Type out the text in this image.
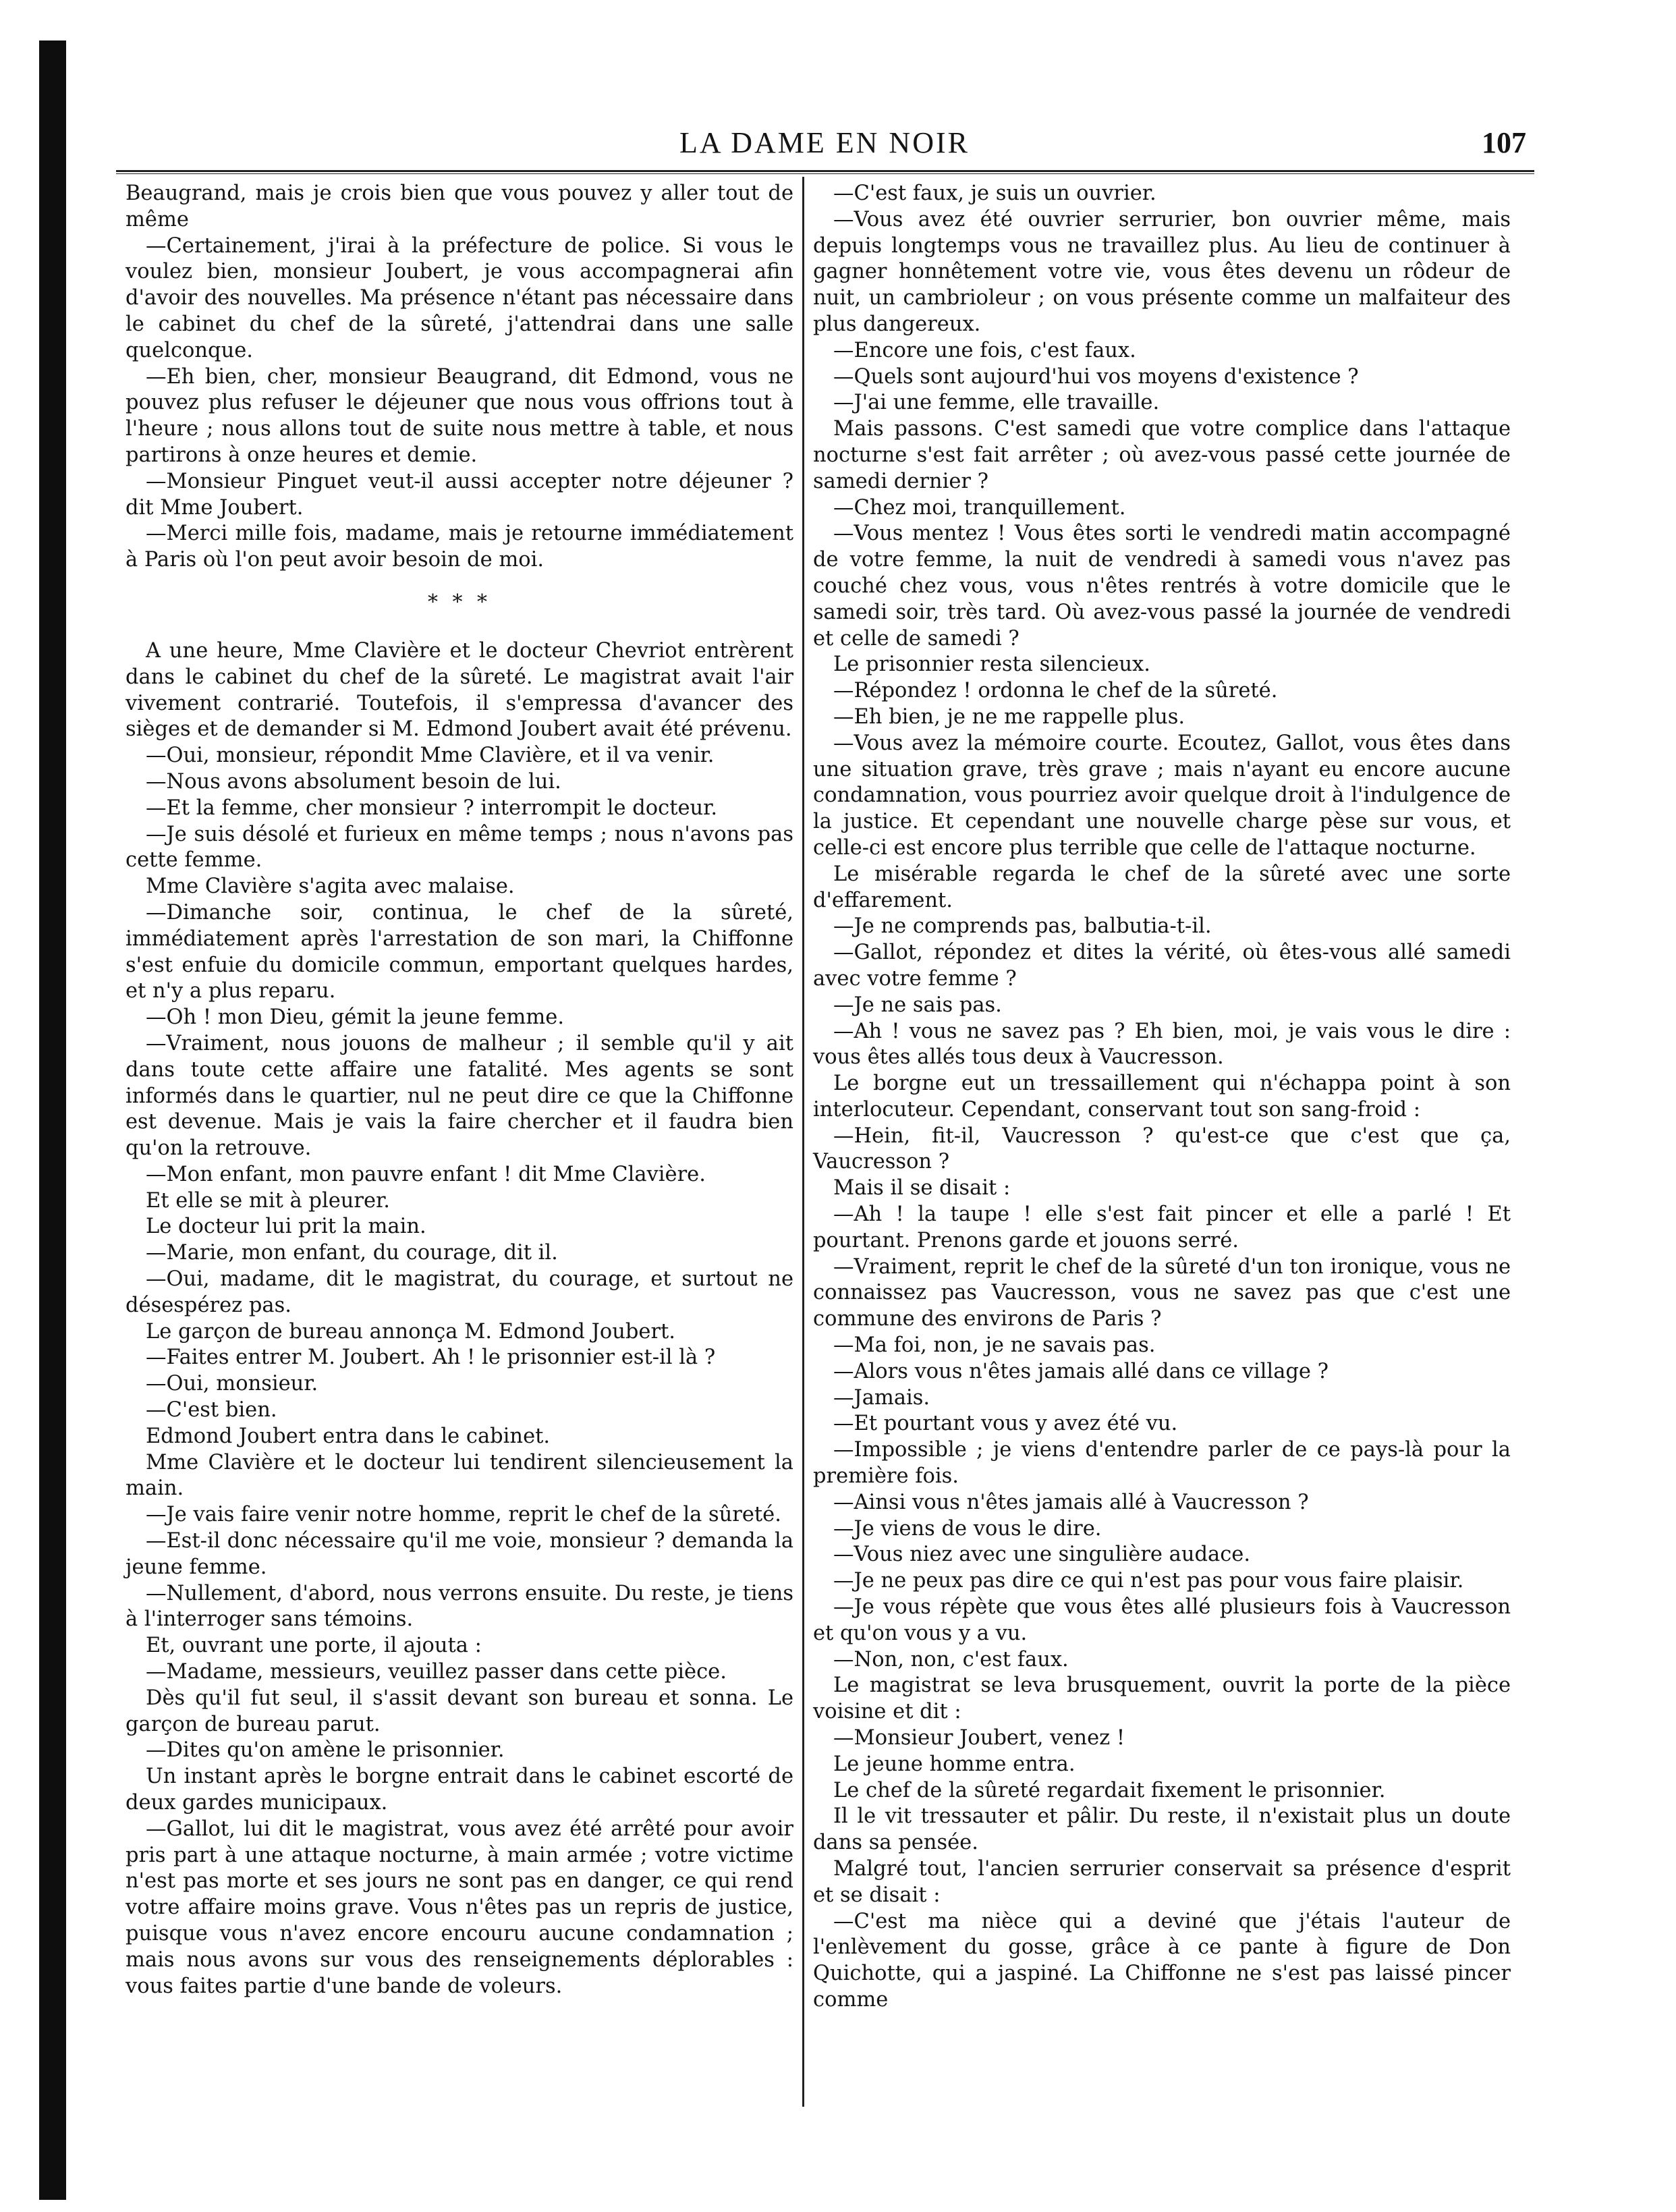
LA DAME EN NOIR	107

Beaugrand, mais je crois bien que vous pouvez y aller tout de même

—Certainement, j'irai à la préfecture de police. Si vous le voulez bien, monsieur Joubert, je vous accompagnerai afin d'avoir des nouvelles. Ma présence n'étant pas nécessaire dans le cabinet du chef de la sûreté, j'attendrai dans une salle quelconque.

—Eh bien, cher, monsieur Beaugrand, dit Edmond, vous ne pouvez plus refuser le déjeuner que nous vous offrions tout à l'heure ; nous allons tout de suite nous mettre à table, et nous partirons à onze heures et demie.

—Monsieur Pinguet veut-il aussi accepter notre déjeuner ? dit Mme Joubert.

—Merci mille fois, madame, mais je retourne immédiatement à Paris où l'on peut avoir besoin de moi.

* * *

A une heure, Mme Clavière et le docteur Chevriot entrèrent dans le cabinet du chef de la sûreté. Le magistrat avait l'air vivement contrarié. Toutefois, il s'empressa d'avancer des sièges et de demander si M. Edmond Joubert avait été prévenu.

—Oui, monsieur, répondit Mme Clavière, et il va venir.

—Nous avons absolument besoin de lui.

—Et la femme, cher monsieur ? interrompit le docteur.

—Je suis désolé et furieux en même temps ; nous n'avons pas cette femme.

Mme Clavière s'agita avec malaise.

—Dimanche soir, continua, le chef de la sûreté, immédiatement après l'arrestation de son mari, la Chiffonne s'est enfuie du domicile commun, emportant quelques hardes, et n'y a plus reparu.

—Oh ! mon Dieu, gémit la jeune femme.

—Vraiment, nous jouons de malheur ; il semble qu'il y ait dans toute cette affaire une fatalité. Mes agents se sont informés dans le quartier, nul ne peut dire ce que la Chiffonne est devenue. Mais je vais la faire chercher et il faudra bien qu'on la retrouve.

—Mon enfant, mon pauvre enfant ! dit Mme Clavière.

Et elle se mit à pleurer.

Le docteur lui prit la main.

—Marie, mon enfant, du courage, dit il.

—Oui, madame, dit le magistrat, du courage, et surtout ne désespérez pas.

Le garçon de bureau annonça M. Edmond Joubert.

—Faites entrer M. Joubert. Ah ! le prisonnier est-il là ?

—Oui, monsieur.

—C'est bien.

Edmond Joubert entra dans le cabinet.

Mme Clavière et le docteur lui tendirent silencieusement la main.

—Je vais faire venir notre homme, reprit le chef de la sûreté.

—Est-il donc nécessaire qu'il me voie, monsieur ? demanda la jeune femme.

—Nullement, d'abord, nous verrons ensuite. Du reste, je tiens à l'interroger sans témoins.

Et, ouvrant une porte, il ajouta :

—Madame, messieurs, veuillez passer dans cette pièce.

Dès qu'il fut seul, il s'assit devant son bureau et sonna. Le garçon de bureau parut.

—Dites qu'on amène le prisonnier.

Un instant après le borgne entrait dans le cabinet escorté de deux gardes municipaux.

—Gallot, lui dit le magistrat, vous avez été arrêté pour avoir pris part à une attaque nocturne, à main armée ; votre victime n'est pas morte et ses jours ne sont pas en danger, ce qui rend votre affaire moins grave. Vous n'êtes pas un repris de justice, puisque vous n'avez encore encouru aucune condamnation ; mais nous avons sur vous des renseignements déplorables : vous faites partie d'une bande de voleurs.

—C'est faux, je suis un ouvrier.

—Vous avez été ouvrier serrurier, bon ouvrier même, mais depuis longtemps vous ne travaillez plus. Au lieu de continuer à gagner honnêtement votre vie, vous êtes devenu un rôdeur de nuit, un cambrioleur ; on vous présente comme un malfaiteur des plus dangereux.

—Encore une fois, c'est faux.

—Quels sont aujourd'hui vos moyens d'existence ?

—J'ai une femme, elle travaille.

Mais passons. C'est samedi que votre complice dans l'attaque nocturne s'est fait arrêter ; où avez-vous passé cette journée de samedi dernier ?

—Chez moi, tranquillement.

—Vous mentez ! Vous êtes sorti le vendredi matin accompagné de votre femme, la nuit de vendredi à samedi vous n'avez pas couché chez vous, vous n'êtes rentrés à votre domicile que le samedi soir, très tard. Où avez-vous passé la journée de vendredi et celle de samedi ?

Le prisonnier resta silencieux.

—Répondez ! ordonna le chef de la sûreté.

—Eh bien, je ne me rappelle plus.

—Vous avez la mémoire courte. Ecoutez, Gallot, vous êtes dans une situation grave, très grave ; mais n'ayant eu encore aucune condamnation, vous pourriez avoir quelque droit à l'indulgence de la justice. Et cependant une nouvelle charge pèse sur vous, et celle-ci est encore plus terrible que celle de l'attaque nocturne.

Le misérable regarda le chef de la sûreté avec une sorte d'effarement.

—Je ne comprends pas, balbutia-t-il.

—Gallot, répondez et dites la vérité, où êtes-vous allé samedi avec votre femme ?

—Je ne sais pas.

—Ah ! vous ne savez pas ? Eh bien, moi, je vais vous le dire : vous êtes allés tous deux à Vaucresson.

Le borgne eut un tressaillement qui n'échappa point à son interlocuteur. Cependant, conservant tout son sang-froid :

—Hein, fit-il, Vaucresson ? qu'est-ce que c'est que ça, Vaucresson ?

Mais il se disait :

—Ah ! la taupe ! elle s'est fait pincer et elle a parlé ! Et pourtant. Prenons garde et jouons serré.

—Vraiment, reprit le chef de la sûreté d'un ton ironique, vous ne connaissez pas Vaucresson, vous ne savez pas que c'est une commune des environs de Paris ?

—Ma foi, non, je ne savais pas.

—Alors vous n'êtes jamais allé dans ce village ?

—Jamais.

—Et pourtant vous y avez été vu.

—Impossible ; je viens d'entendre parler de ce pays-là pour la première fois.

—Ainsi vous n'êtes jamais allé à Vaucresson ?

—Je viens de vous le dire.

—Vous niez avec une singulière audace.

—Je ne peux pas dire ce qui n'est pas pour vous faire plaisir.

—Je vous répète que vous êtes allé plusieurs fois à Vaucresson et qu'on vous y a vu.

—Non, non, c'est faux.

Le magistrat se leva brusquement, ouvrit la porte de la pièce voisine et dit :

—Monsieur Joubert, venez !

Le jeune homme entra.

Le chef de la sûreté regardait fixement le prisonnier.

Il le vit tressauter et pâlir. Du reste, il n'existait plus un doute dans sa pensée.

Malgré tout, l'ancien serrurier conservait sa présence d'esprit et se disait :

—C'est ma nièce qui a deviné que j'étais l'auteur de l'enlèvement du gosse, grâce à ce pante à figure de Don Quichotte, qui a jaspiné. La Chiffonne ne s'est pas laissé pincer comme
